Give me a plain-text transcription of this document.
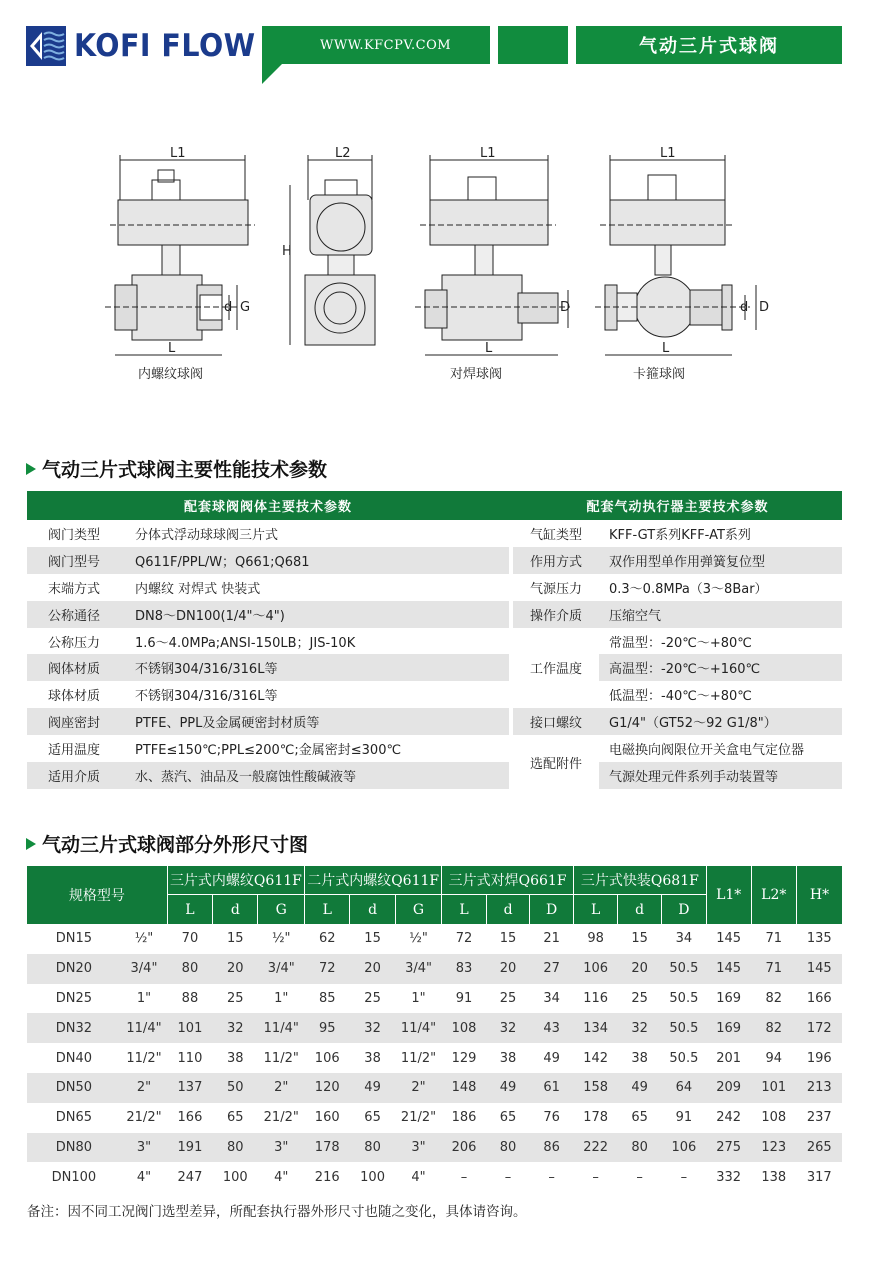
KOFI FLOW	WWW.KFCPV.COM	气动三片式球阀
L1	L2
H
L1	L1
L	L	L
d G	D	d D
内螺纹球阀	对焊球阀	卡箍球阀
气动三片式球阀主要性能技术参数
配套球阀阀体主要技术参数			配套气动执行器主要技术参数	
阀门类型	分体式浮动球球阀三片式		气缸类型	KFF-GT系列KFF-AT系列
阀门型号	Q611F/PPL/W；Q661;Q681		作用方式	双作用型单作用弹簧复位型
末端方式	内螺纹 对焊式 快装式		气源压力	0.3～0.8MPa（3～8Bar）
公称通径	DN8～DN100(1/4"～4")		操作介质	压缩空气
公称压力	1.6～4.0MPa;ANSI-150LB；JIS-10K		工作温度	常温型：-20℃～+80℃
阀体材质	不锈钢304/316/316L等			高温型：-20℃～+160℃
球体材质	不锈钢304/316/316L等			低温型：-40℃～+80℃
阀座密封	PTFE、PPL及金属硬密封材质等		接口螺纹	G1/4"（GT52～92 G1/8"）
适用温度	PTFE≤150℃;PPL≤200℃;金属密封≤300℃		选配附件	电磁换向阀限位开关盒电气定位器
适用介质	水、蒸汽、油品及一般腐蚀性酸碱液等			气源处理元件系列手动装置等
气动三片式球阀部分外形尺寸图
规格型号		三片式内螺纹Q611F			二片式内螺纹Q611F			三片式对焊Q661F			三片式快装Q681F			L1*	L2*	H*
		L	d	G	L	d	G	L	d	D	L	d	D			
DN15	½"	70	15	½"	62	15	½"	72	15	21	98	15	34	145	71	135
DN20	3/4"	80	20	3/4"	72	20	3/4"	83	20	27	106	20	50.5	145	71	145
DN25	1"	88	25	1"	85	25	1"	91	25	34	116	25	50.5	169	82	166
DN32	11/4"	101	32	11/4"	95	32	11/4"	108	32	43	134	32	50.5	169	82	172
DN40	11/2"	110	38	11/2"	106	38	11/2"	129	38	49	142	38	50.5	201	94	196
DN50	2"	137	50	2"	120	49	2"	148	49	61	158	49	64	209	101	213
DN65	21/2"	166	65	21/2"	160	65	21/2"	186	65	76	178	65	91	242	108	237
DN80	3"	191	80	3"	178	80	3"	206	80	86	222	80	106	275	123	265
DN100	4"	247	100	4"	216	100	4"	–	–	–	–	–	–	332	138	317
备注：因不同工况阀门选型差异，所配套执行器外形尺寸也随之变化，具体请咨询。
